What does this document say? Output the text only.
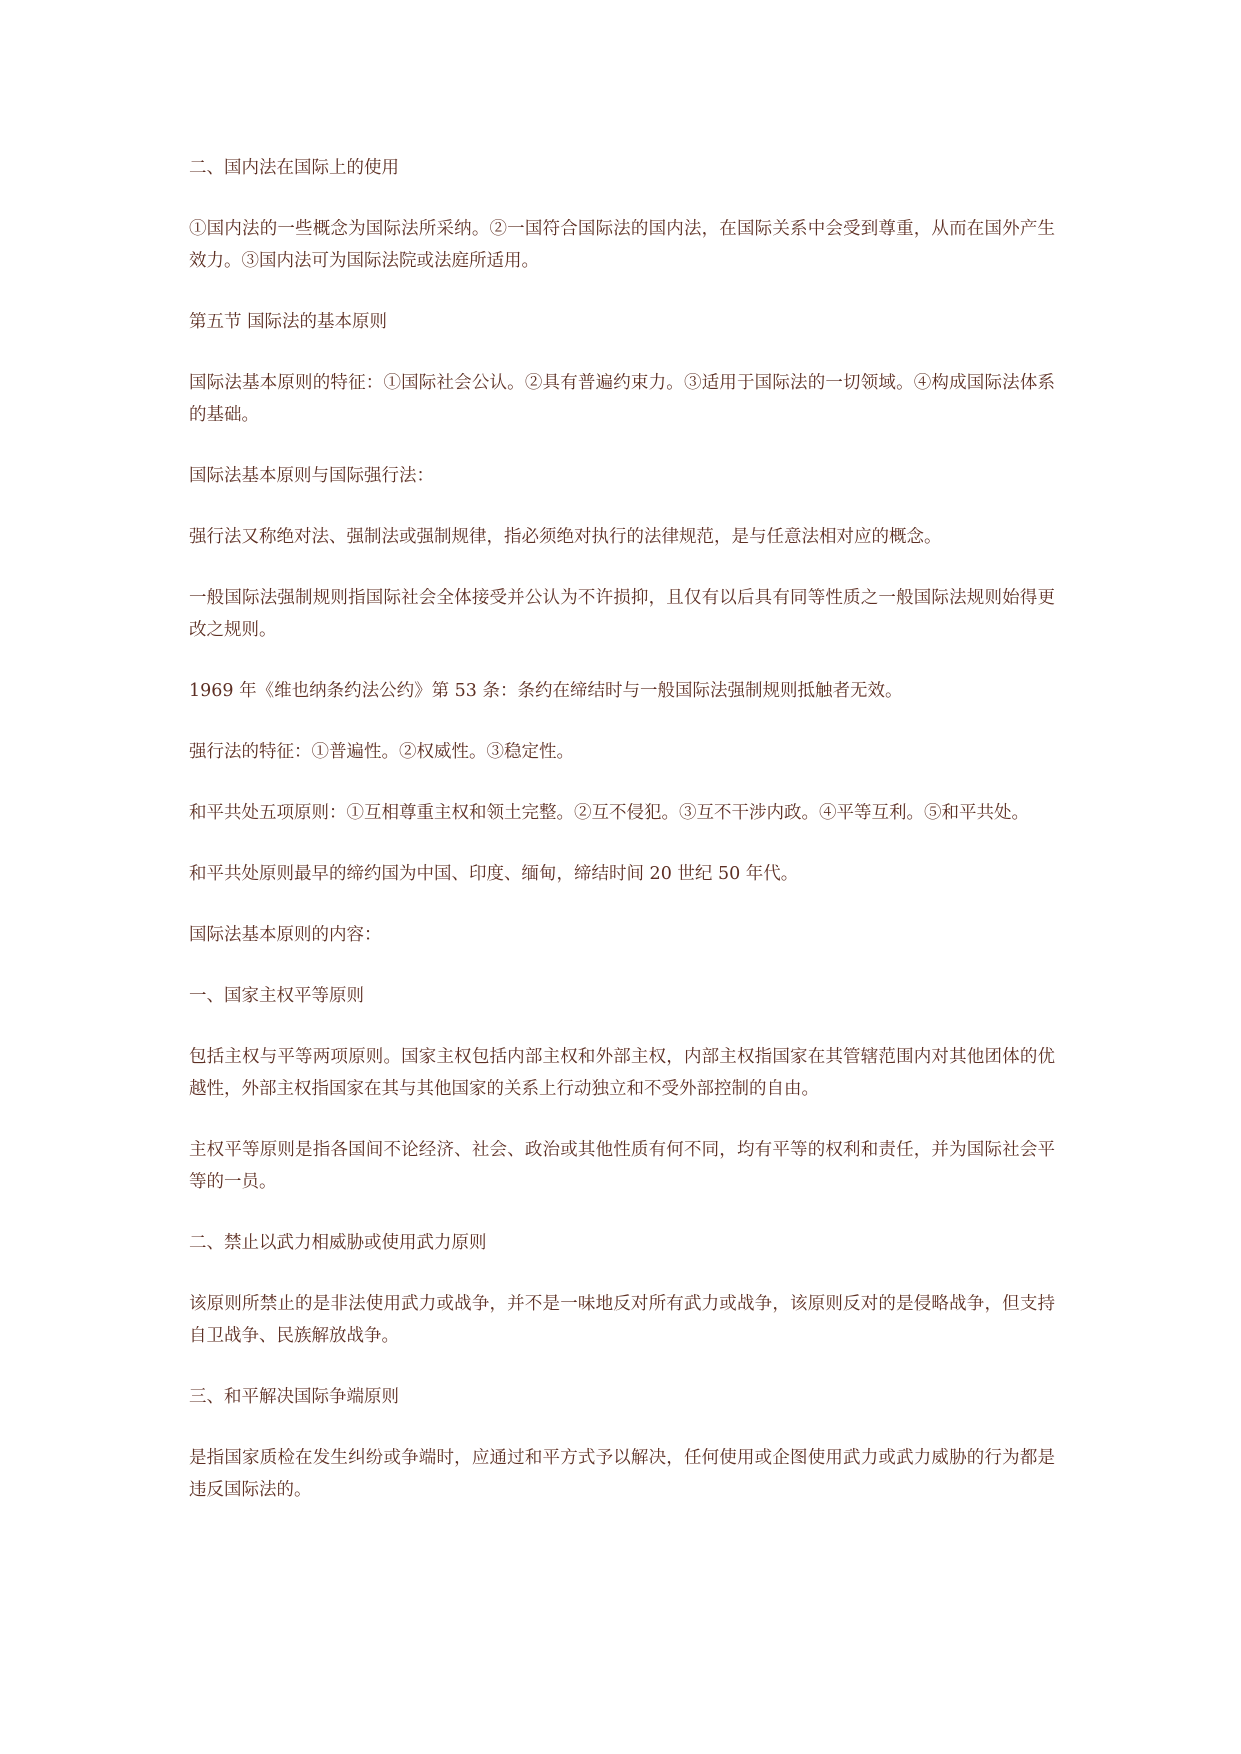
二、国内法在国际上的使用

①国内法的一些概念为国际法所采纳。②一国符合国际法的国内法，在国际关系中会受到尊重，从而在国外产生效力。③国内法可为国际法院或法庭所适用。

第五节 国际法的基本原则

国际法基本原则的特征：①国际社会公认。②具有普遍约束力。③适用于国际法的一切领域。④构成国际法体系的基础。

国际法基本原则与国际强行法：

强行法又称绝对法、强制法或强制规律，指必须绝对执行的法律规范，是与任意法相对应的概念。

一般国际法强制规则指国际社会全体接受并公认为不许损抑，且仅有以后具有同等性质之一般国际法规则始得更改之规则。

1969 年《维也纳条约法公约》第 53 条：条约在缔结时与一般国际法强制规则抵触者无效。

强行法的特征：①普遍性。②权威性。③稳定性。

和平共处五项原则：①互相尊重主权和领土完整。②互不侵犯。③互不干涉内政。④平等互利。⑤和平共处。

和平共处原则最早的缔约国为中国、印度、缅甸，缔结时间 20 世纪 50 年代。

国际法基本原则的内容：

一、国家主权平等原则

包括主权与平等两项原则。国家主权包括内部主权和外部主权，内部主权指国家在其管辖范围内对其他团体的优越性，外部主权指国家在其与其他国家的关系上行动独立和不受外部控制的自由。

主权平等原则是指各国间不论经济、社会、政治或其他性质有何不同，均有平等的权利和责任，并为国际社会平等的一员。

二、禁止以武力相威胁或使用武力原则

该原则所禁止的是非法使用武力或战争，并不是一味地反对所有武力或战争，该原则反对的是侵略战争，但支持自卫战争、民族解放战争。

三、和平解决国际争端原则

是指国家质检在发生纠纷或争端时，应通过和平方式予以解决，任何使用或企图使用武力或武力威胁的行为都是违反国际法的。
